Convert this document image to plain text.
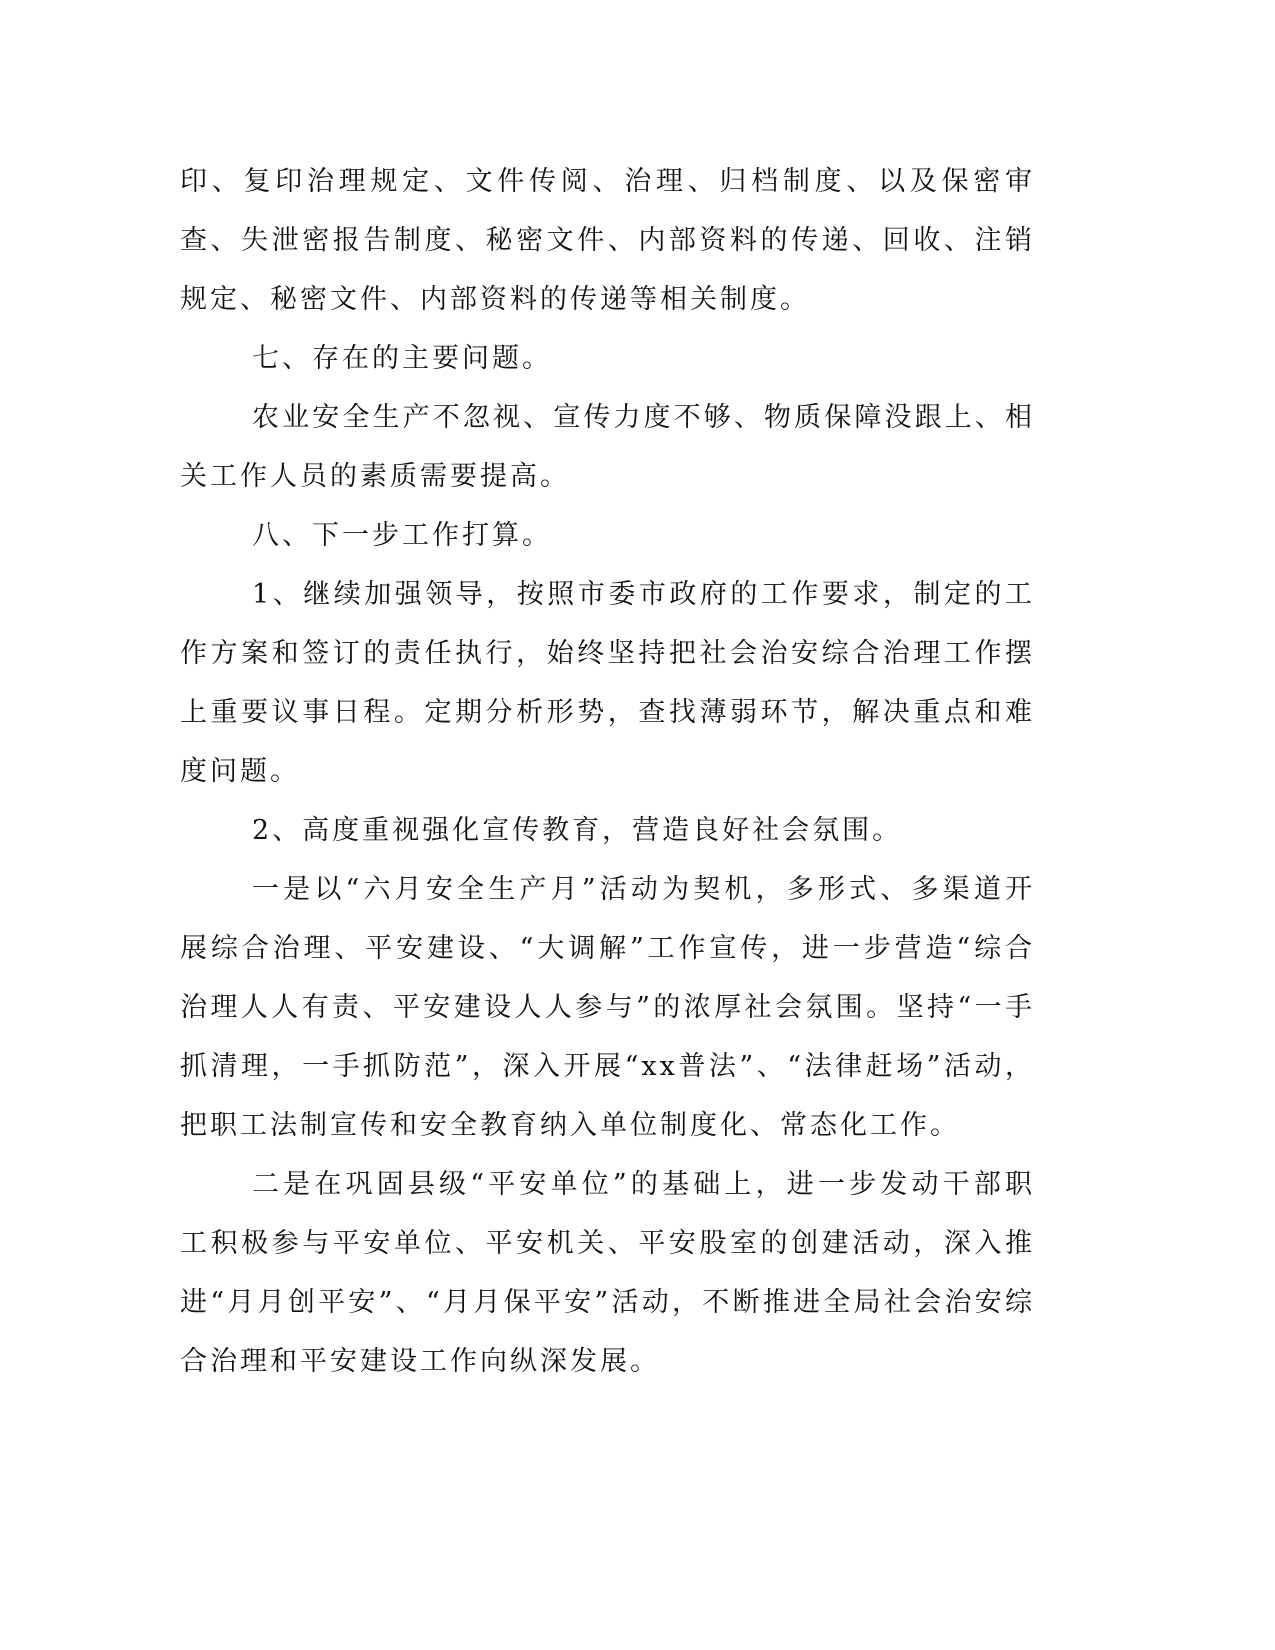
印、复印治理规定、文件传阅、治理、归档制度、以及保密审查、失泄密报告制度、秘密文件、内部资料的传递、回收、注销规定、秘密文件、内部资料的传递等相关制度。

七、存在的主要问题。

农业安全生产不忽视、宣传力度不够、物质保障没跟上、相关工作人员的素质需要提高。

八、下一步工作打算。

1、继续加强领导，按照市委市政府的工作要求，制定的工作方案和签订的责任执行，始终坚持把社会治安综合治理工作摆上重要议事日程。定期分析形势，查找薄弱环节，解决重点和难度问题。

2、高度重视强化宣传教育，营造良好社会氛围。

一是以“六月安全生产月”活动为契机，多形式、多渠道开展综合治理、平安建设、“大调解”工作宣传，进一步营造“综合治理人人有责、平安建设人人参与”的浓厚社会氛围。坚持“一手抓清理，一手抓防范”，深入开展“xx普法”、“法律赶场”活动，把职工法制宣传和安全教育纳入单位制度化、常态化工作。

二是在巩固县级“平安单位”的基础上，进一步发动干部职工积极参与平安单位、平安机关、平安股室的创建活动，深入推进“月月创平安”、“月月保平安”活动，不断推进全局社会治安综合治理和平安建设工作向纵深发展。
